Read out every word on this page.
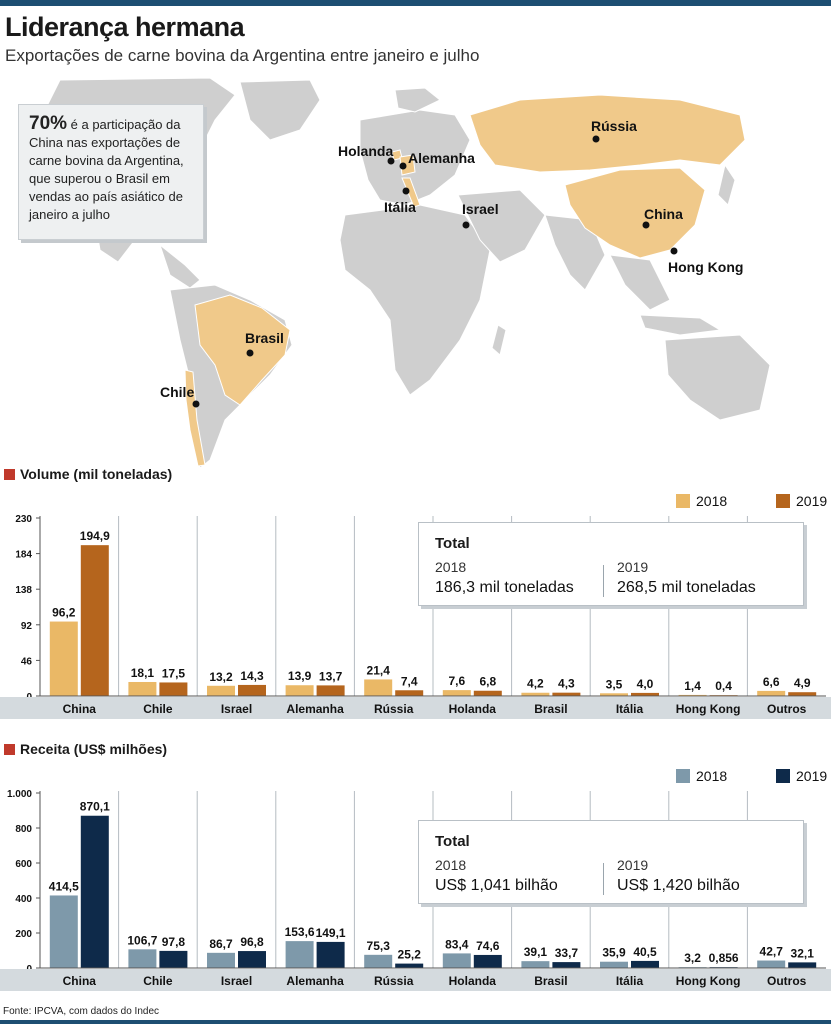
Liderança hermana
Exportações de carne bovina da Argentina entre janeiro e julho
Rússia
Holanda Alemanha
Itália	Israel	China
Hong Kong
Brasil
Chile
70% é a participação da China nas exportações de carne bovina da Argentina, que superou o Brasil em vendas ao país asiático de janeiro a julho
Volume (mil toneladas)
2018	2019
46
92
138
184
230
96,2
194,9
China
18,1 17,5
Chile
13,2 14,3
Israel
13,9 13,7
Alemanha
21,4
7,4
Rússia
7,6 6,8
Holanda
4,2 4,3
Brasil
3,5 4,0
Itália
1,4 0,4
Hong Kong
6,6 4,9
Outros
Total
2018
186,3 mil toneladas
2019
268,5 mil toneladas
Receita (US$ milhões)
2018	2019
200
400
600
800
1.000
414,5
870,1
China
106,7 97,8
Chile
86,7 96,8
Israel
153,6 149,1
Alemanha
75,3
25,2
Rússia
83,4 74,6
Holanda
39,1 33,7
Brasil
35,9 40,5
Itália
3,2 0,856
Hong Kong
42,7 32,1
Outros
Total
2018
US$ 1,041 bilhão
2019
US$ 1,420 bilhão
Fonte: IPCVA, com dados do Indec
